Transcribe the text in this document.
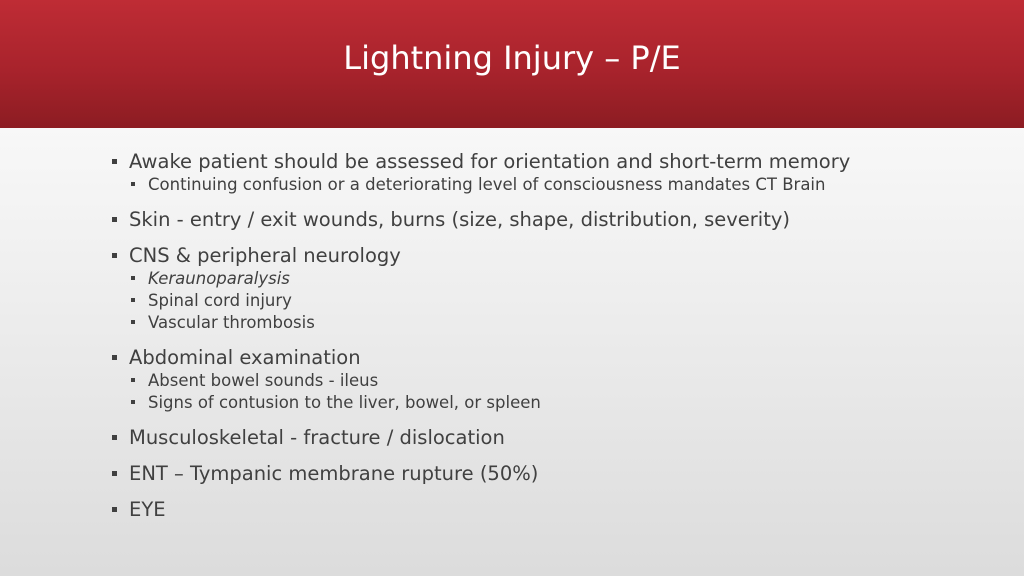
Lightning Injury – P/E
Awake patient should be assessed for orientation and short-term memory
Continuing confusion or a deteriorating level of consciousness mandates CT Brain
Skin - entry / exit wounds, burns (size, shape, distribution, severity)
CNS & peripheral neurology
Keraunoparalysis
Spinal cord injury
Vascular thrombosis
Abdominal examination
Absent bowel sounds - ileus
Signs of contusion to the liver, bowel, or spleen
Musculoskeletal - fracture / dislocation
ENT – Tympanic membrane rupture (50%)
EYE
